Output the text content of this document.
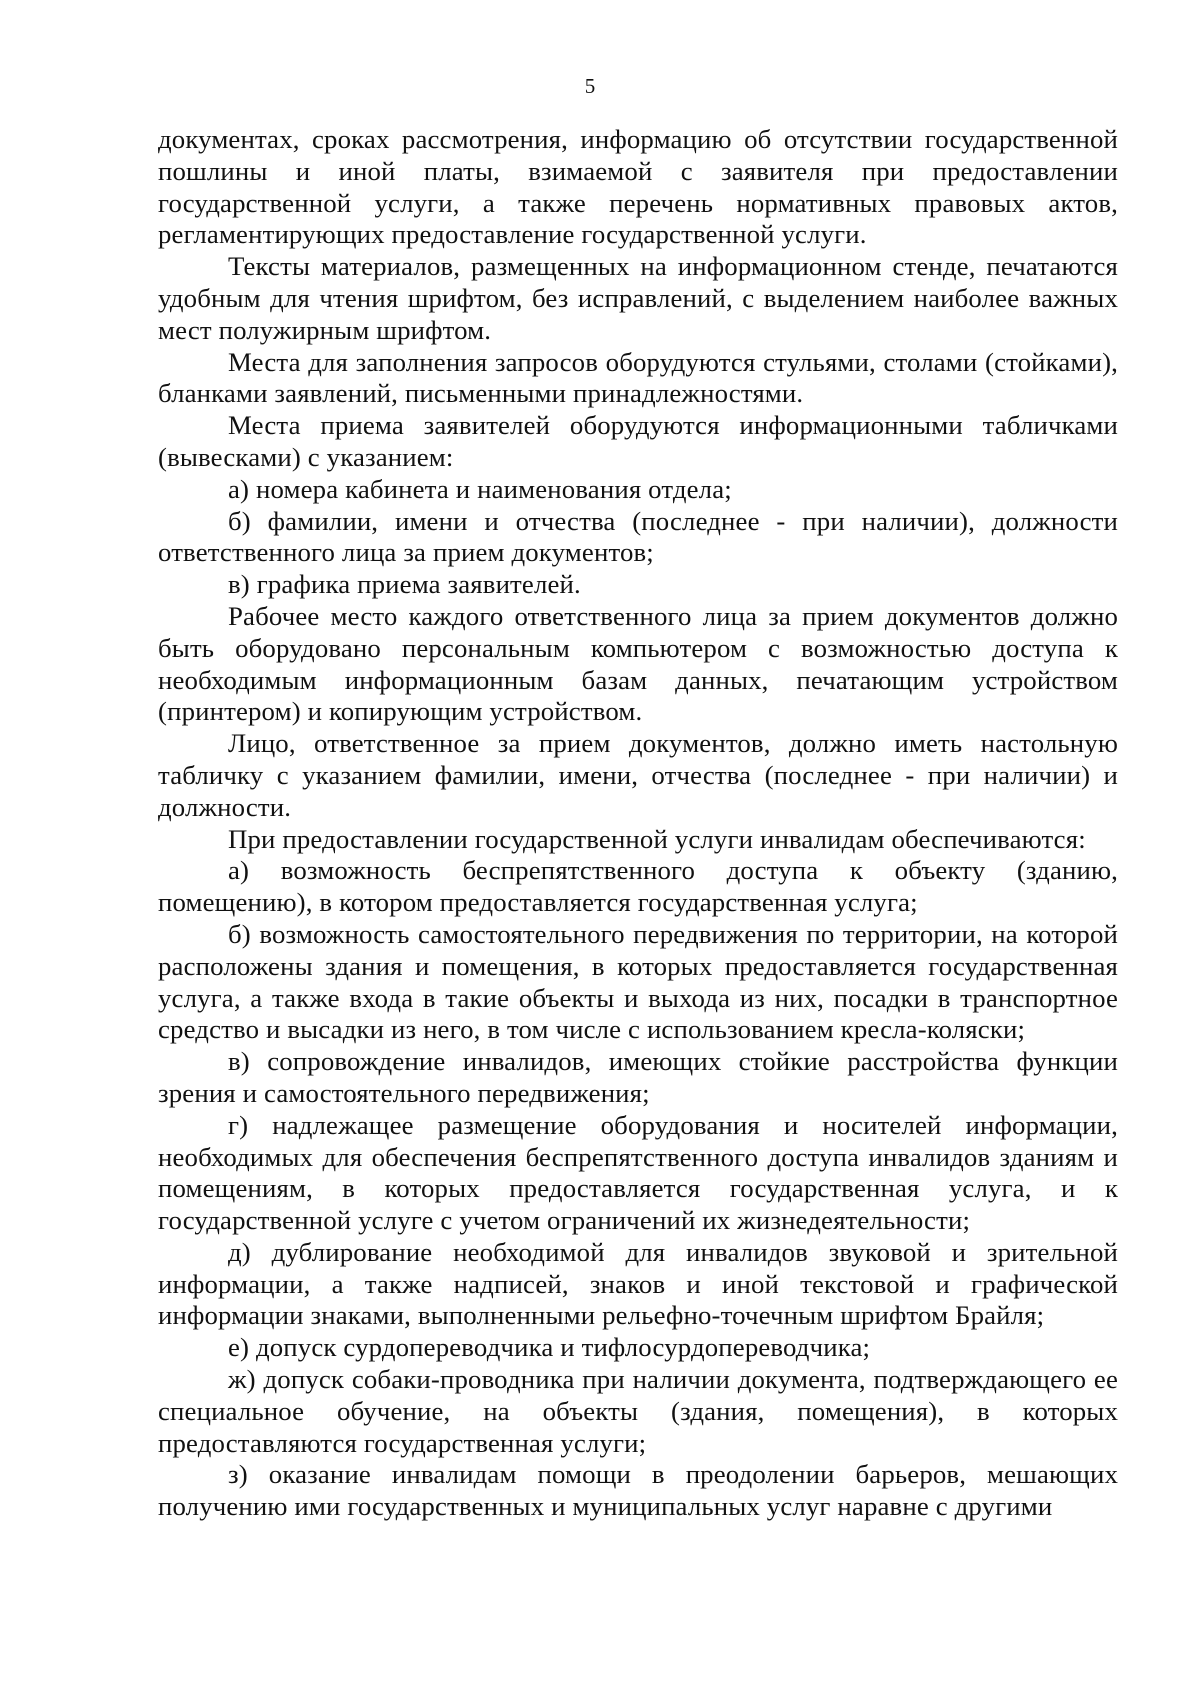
5

документах, сроках рассмотрения, информацию об отсутствии государственной пошлины и иной платы, взимаемой с заявителя при предоставлении государственной услуги, а также перечень нормативных правовых актов, регламентирующих предоставление государственной услуги.

Тексты материалов, размещенных на информационном стенде, печатаются удобным для чтения шрифтом, без исправлений, с выделением наиболее важных мест полужирным шрифтом.

Места для заполнения запросов оборудуются стульями, столами (стойками), бланками заявлений, письменными принадлежностями.

Места приема заявителей оборудуются информационными табличками (вывесками) с указанием:

а) номера кабинета и наименования отдела;

б) фамилии, имени и отчества (последнее - при наличии), должности ответственного лица за прием документов;

в) графика приема заявителей.

Рабочее место каждого ответственного лица за прием документов должно быть оборудовано персональным компьютером с возможностью доступа к необходимым информационным базам данных, печатающим устройством (принтером) и копирующим устройством.

Лицо, ответственное за прием документов, должно иметь настольную табличку с указанием фамилии, имени, отчества (последнее - при наличии) и должности.

При предоставлении государственной услуги инвалидам обеспечиваются:

а) возможность беспрепятственного доступа к объекту (зданию, помещению), в котором предоставляется государственная услуга;

б) возможность самостоятельного передвижения по территории, на которой расположены здания и помещения, в которых предоставляется государственная услуга, а также входа в такие объекты и выхода из них, посадки в транспортное средство и высадки из него, в том числе с использованием кресла-коляски;

в) сопровождение инвалидов, имеющих стойкие расстройства функции зрения и самостоятельного передвижения;

г) надлежащее размещение оборудования и носителей информации, необходимых для обеспечения беспрепятственного доступа инвалидов зданиям и помещениям, в которых предоставляется государственная услуга, и к государственной услуге с учетом ограничений их жизнедеятельности;

д) дублирование необходимой для инвалидов звуковой и зрительной информации, а также надписей, знаков и иной текстовой и графической информации знаками, выполненными рельефно-точечным шрифтом Брайля;

е) допуск сурдопереводчика и тифлосурдопереводчика;

ж) допуск собаки-проводника при наличии документа, подтверждающего ее специальное обучение, на объекты (здания, помещения), в которых предоставляются государственная услуги;

з) оказание инвалидам помощи в преодолении барьеров, мешающих получению ими государственных и муниципальных услуг наравне с другими
